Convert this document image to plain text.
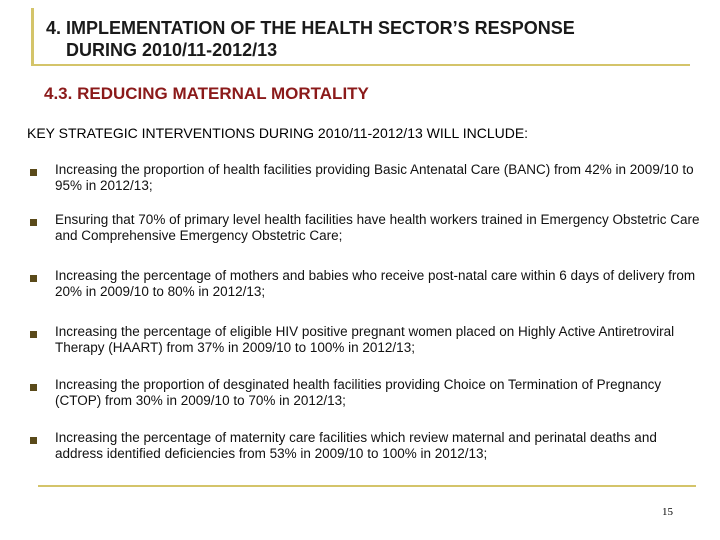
4. IMPLEMENTATION OF THE HEALTH SECTOR’S RESPONSE
DURING 2010/11-2012/13
4.3. REDUCING MATERNAL MORTALITY

KEY STRATEGIC INTERVENTIONS DURING 2010/11-2012/13 WILL INCLUDE:

Increasing the proportion of health facilities providing Basic Antenatal Care (BANC) from 42% in 2009/10 to 95% in 2012/13;
Ensuring that 70% of primary level health facilities have health workers trained in Emergency Obstetric Care and Comprehensive Emergency Obstetric Care;
Increasing the percentage of mothers and babies who receive post-natal care within 6 days of delivery from 20% in 2009/10 to 80% in 2012/13;
Increasing the percentage of eligible HIV positive pregnant women placed on Highly Active Antiretroviral Therapy (HAART) from 37% in 2009/10 to 100% in 2012/13;
Increasing the proportion of desginated health facilities providing Choice on Termination of Pregnancy (CTOP) from 30% in 2009/10 to 70% in 2012/13;
Increasing the percentage of maternity care facilities which review maternal and perinatal deaths and address identified deficiencies from 53% in 2009/10 to 100% in 2012/13;
15
